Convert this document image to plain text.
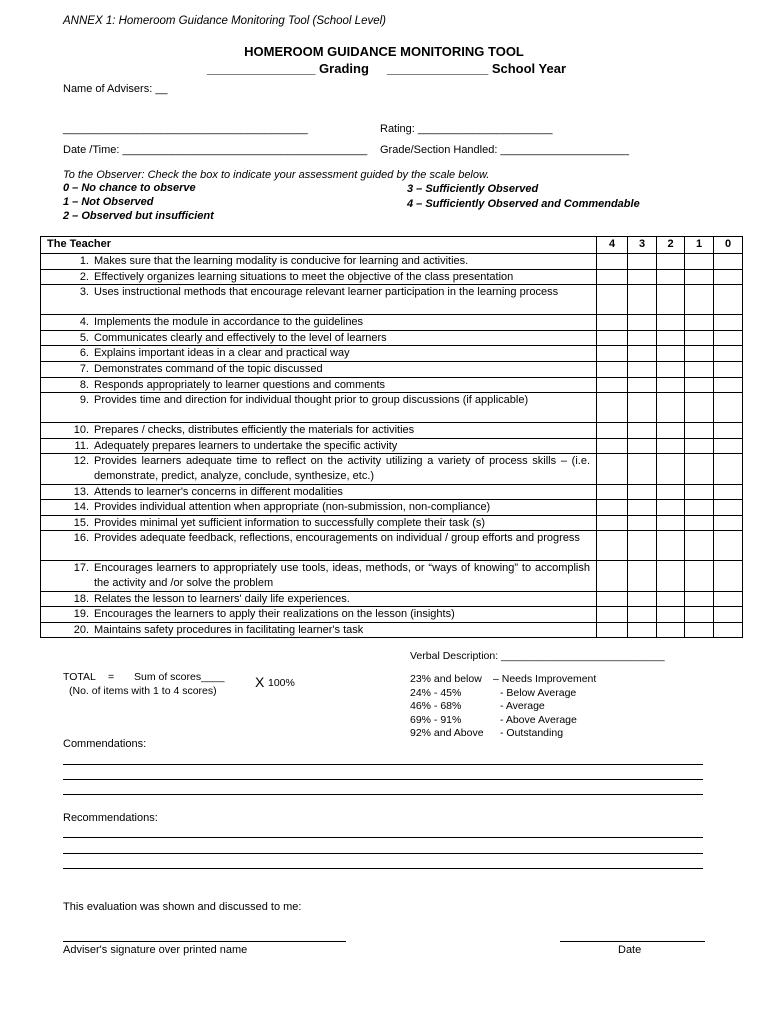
ANNEX 1: Homeroom Guidance Monitoring Tool (School Level)
HOMEROOM GUIDANCE MONITORING TOOL
_______________ Grading ______________ School Year
Name of Advisers: __
________________________________________	Rating: ______________________
Date /Time: ________________________________________ Grade/Section Handled: _____________________
To the Observer: Check the box to indicate your assessment guided by the scale below.
0 – No chance to observe
1 – Not Observed
2 – Observed but insufficient
3 – Sufficiently Observed
4 – Sufficiently Observed and Commendable
The Teacher	4	3	2	1	0

1. Makes sure that the learning modality is conducive for learning and activities.					

2. Effectively organizes learning situations to meet the objective of the class presentation					

3. Uses instructional methods that encourage relevant learner participation in the learning process					

4. Implements the module in accordance to the guidelines					

5. Communicates clearly and effectively to the level of learners					

6. Explains important ideas in a clear and practical way					

7. Demonstrates command of the topic discussed					

8. Responds appropriately to learner questions and comments					

9. Provides time and direction for individual thought prior to group discussions (if applicable)					

10. Prepares / checks, distributes efficiently the materials for activities					

11. Adequately prepares learners to undertake the specific activity					

12. Provides learners adequate time to reflect on the activity utilizing a variety of process skills – (i.e. demonstrate, predict, analyze, conclude, synthesize, etc.)					

13. Attends to learner's concerns in different modalities					

14. Provides individual attention when appropriate (non-submission, non-compliance)					

15. Provides minimal yet sufficient information to successfully complete their task (s)					

16. Provides adequate feedback, reflections, encouragements on individual / group efforts and progress					

17. Encourages learners to appropriately use tools, ideas, methods, or “ways of knowing” to accomplish the activity and /or solve the problem					

18. Relates the lesson to learners' daily life experiences.					

19. Encourages the learners to apply their realizations on the lesson (insights)					

20. Maintains safety procedures in facilitating learner's task					

Verbal Description: ____________________________
TOTAL = Sum of scores____
(No. of items with 1 to 4 scores)
X 100%	23% and below – Needs Improvement
24% - 45%	- Below Average
46% - 68%	- Average
69% - 91%	- Above Average
92% and Above - Outstanding
Commendations:
Recommendations:
This evaluation was shown and discussed to me:
Adviser's signature over printed name	Date
